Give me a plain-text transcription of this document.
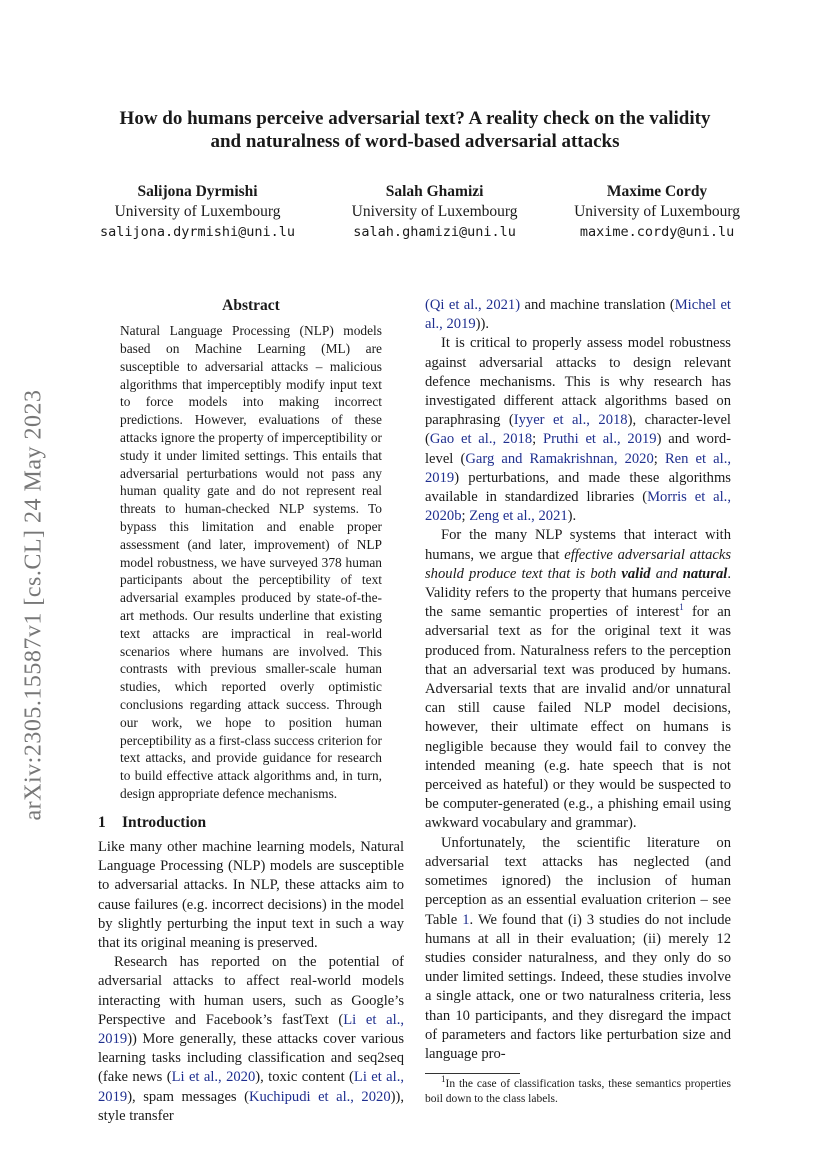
arXiv:2305.15587v1 [cs.CL] 24 May 2023
How do humans perceive adversarial text? A reality check on the validity
and naturalness of word-based adversarial attacks
Salijona Dyrmishi
University of Luxembourg
salijona.dyrmishi@uni.lu
Salah Ghamizi
University of Luxembourg
salah.ghamizi@uni.lu
Maxime Cordy
University of Luxembourg
maxime.cordy@uni.lu
Abstract

Natural Language Processing (NLP) models based on Machine Learning (ML) are susceptible to adversarial attacks – malicious algorithms that imperceptibly modify input text to force models into making incorrect predictions. However, evaluations of these attacks ignore the property of imperceptibility or study it under limited settings. This entails that adversarial perturbations would not pass any human quality gate and do not represent real threats to human-checked NLP systems. To bypass this limitation and enable proper assessment (and later, improvement) of NLP model robustness, we have surveyed 378 human participants about the perceptibility of text adversarial examples produced by state-of-the-art methods. Our results underline that existing text attacks are impractical in real-world scenarios where humans are involved. This contrasts with previous smaller-scale human studies, which reported overly optimistic conclusions regarding attack success. Through our work, we hope to position human perceptibility as a first-class success criterion for text attacks, and provide guidance for research to build effective attack algorithms and, in turn, design appropriate defence mechanisms.

1 Introduction

Like many other machine learning models, Natural Language Processing (NLP) models are susceptible to adversarial attacks. In NLP, these attacks aim to cause failures (e.g. incorrect decisions) in the model by slightly perturbing the input text in such a way that its original meaning is preserved.

Research has reported on the potential of adversarial attacks to affect real-world models interacting with human users, such as Google’s Perspective and Facebook’s fastText (Li et al., 2019)) More generally, these attacks cover various learning tasks including classification and seq2seq (fake news (Li et al., 2020), toxic content (Li et al., 2019), spam messages (Kuchipudi et al., 2020)), style transfer

(Qi et al., 2021) and machine translation (Michel et al., 2019)).

It is critical to properly assess model robustness against adversarial attacks to design relevant defence mechanisms. This is why research has investigated different attack algorithms based on paraphrasing (Iyyer et al., 2018), character-level (Gao et al., 2018; Pruthi et al., 2019) and word-level (Garg and Ramakrishnan, 2020; Ren et al., 2019) perturbations, and made these algorithms available in standardized libraries (Morris et al., 2020b; Zeng et al., 2021).

For the many NLP systems that interact with humans, we argue that effective adversarial attacks should produce text that is both valid and natural. Validity refers to the property that humans perceive the same semantic properties of interest$^1$ for an adversarial text as for the original text it was produced from. Naturalness refers to the perception that an adversarial text was produced by humans. Adversarial texts that are invalid and/or unnatural can still cause failed NLP model decisions, however, their ultimate effect on humans is negligible because they would fail to convey the intended meaning (e.g. hate speech that is not perceived as hateful) or they would be suspected to be computer-generated (e.g., a phishing email using awkward vocabulary and grammar).

Unfortunately, the scientific literature on adversarial text attacks has neglected (and sometimes ignored) the inclusion of human perception as an essential evaluation criterion – see Table 1. We found that (i) 3 studies do not include humans at all in their evaluation; (ii) merely 12 studies consider naturalness, and they only do so under limited settings. Indeed, these studies involve a single attack, one or two naturalness criteria, less than 10 participants, and they disregard the impact of parameters and factors like perturbation size and language pro-

$^1$In the case of classification tasks, these semantics properties boil down to the class labels.
